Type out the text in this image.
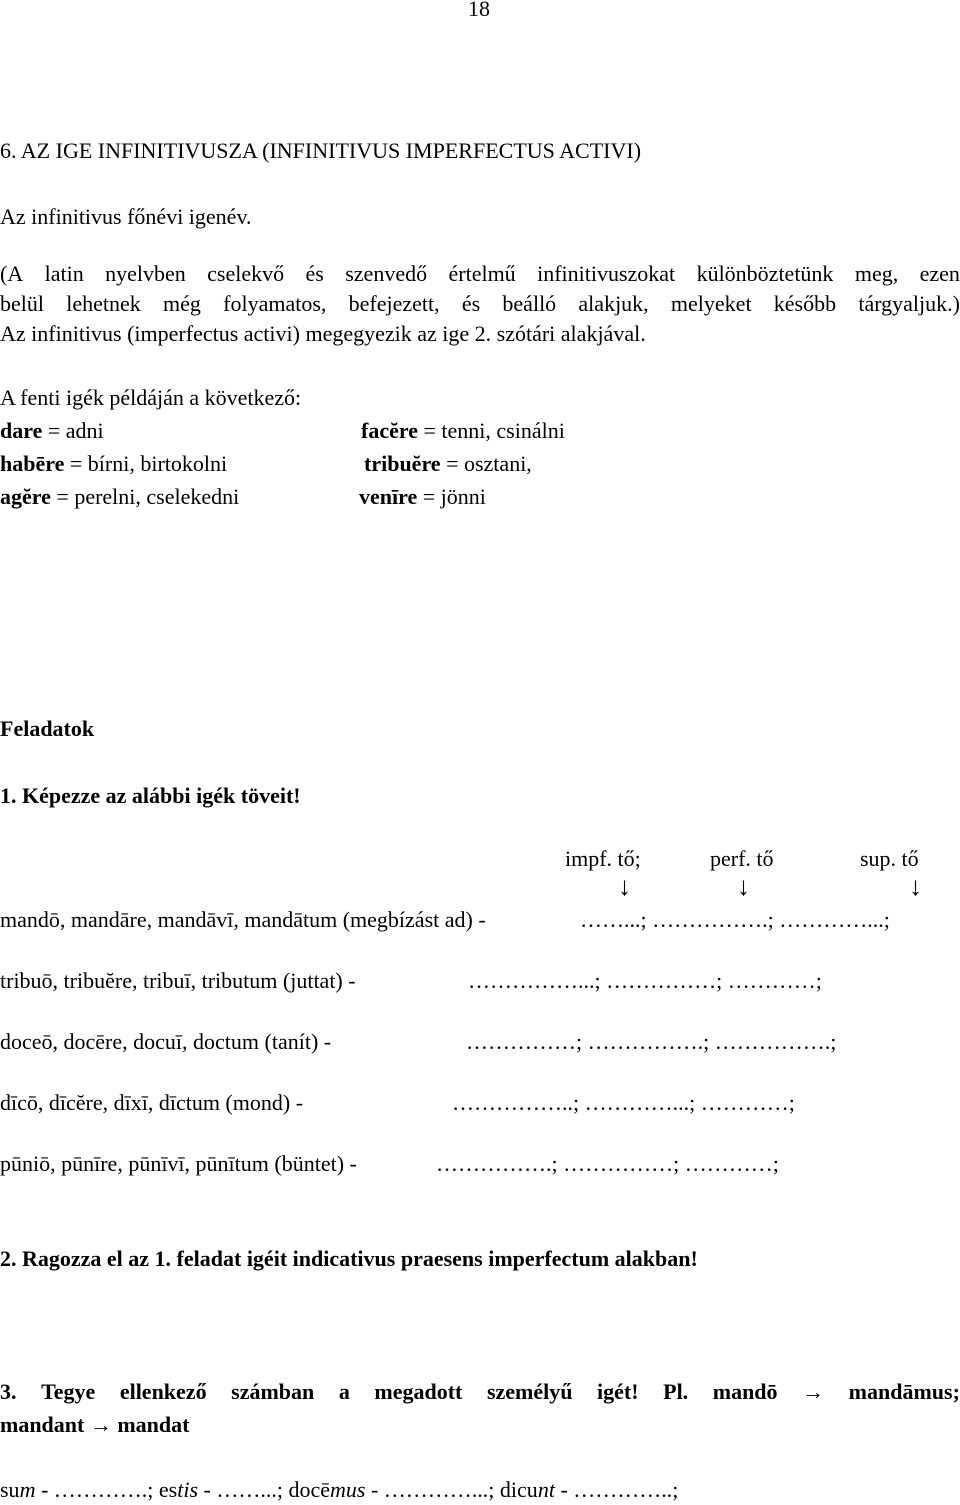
18
6. AZ IGE INFINITIVUSZA (INFINITIVUS IMPERFECTUS ACTIVI)
Az infinitivus főnévi igenév.
(A latin nyelvben cselekvő és szenvedő értelmű infinitivuszokat különböztetünk meg, ezen
belül lehetnek még folyamatos, befejezett, és beálló alakjuk, melyeket később tárgyaljuk.)
Az infinitivus (imperfectus activi) megegyezik az ige 2. szótári alakjával.
A fenti igék példáján a következő:
dare = adni	facĕre = tenni, csinálni
habēre = bírni, birtokolni	tribuĕre = osztani,
agĕre = perelni, cselekedni	venīre = jönni
Feladatok
1. Képezze az alábbi igék töveit!
impf. tő;	perf. tő	sup. tő
↓	↓	↓
mandō, mandāre, mandāvī, mandātum (megbízást ad) -	……...; …………….; …………...;
tribuō, tribuĕre, tribuī, tributum (juttat) -	……………...; ……………; …………;
doceō, docēre, docuī, doctum (tanít) -	……………; …………….; …………….;
dīcō, dīcĕre, dīxī, dīctum (mond) -	……………..; …………...; …………;
pūniō, pūnīre, pūnīvī, pūnītum (büntet) -	…………….; ……………; …………;
2. Ragozza el az 1. feladat igéit indicativus praesens imperfectum alakban!
3. Tegye ellenkező számban a megadott személyű igét! Pl. mandō → mandāmus;
mandant → mandat
sum - ………….; estis - ……...; docēmus - …………...; dicunt - …………..;
